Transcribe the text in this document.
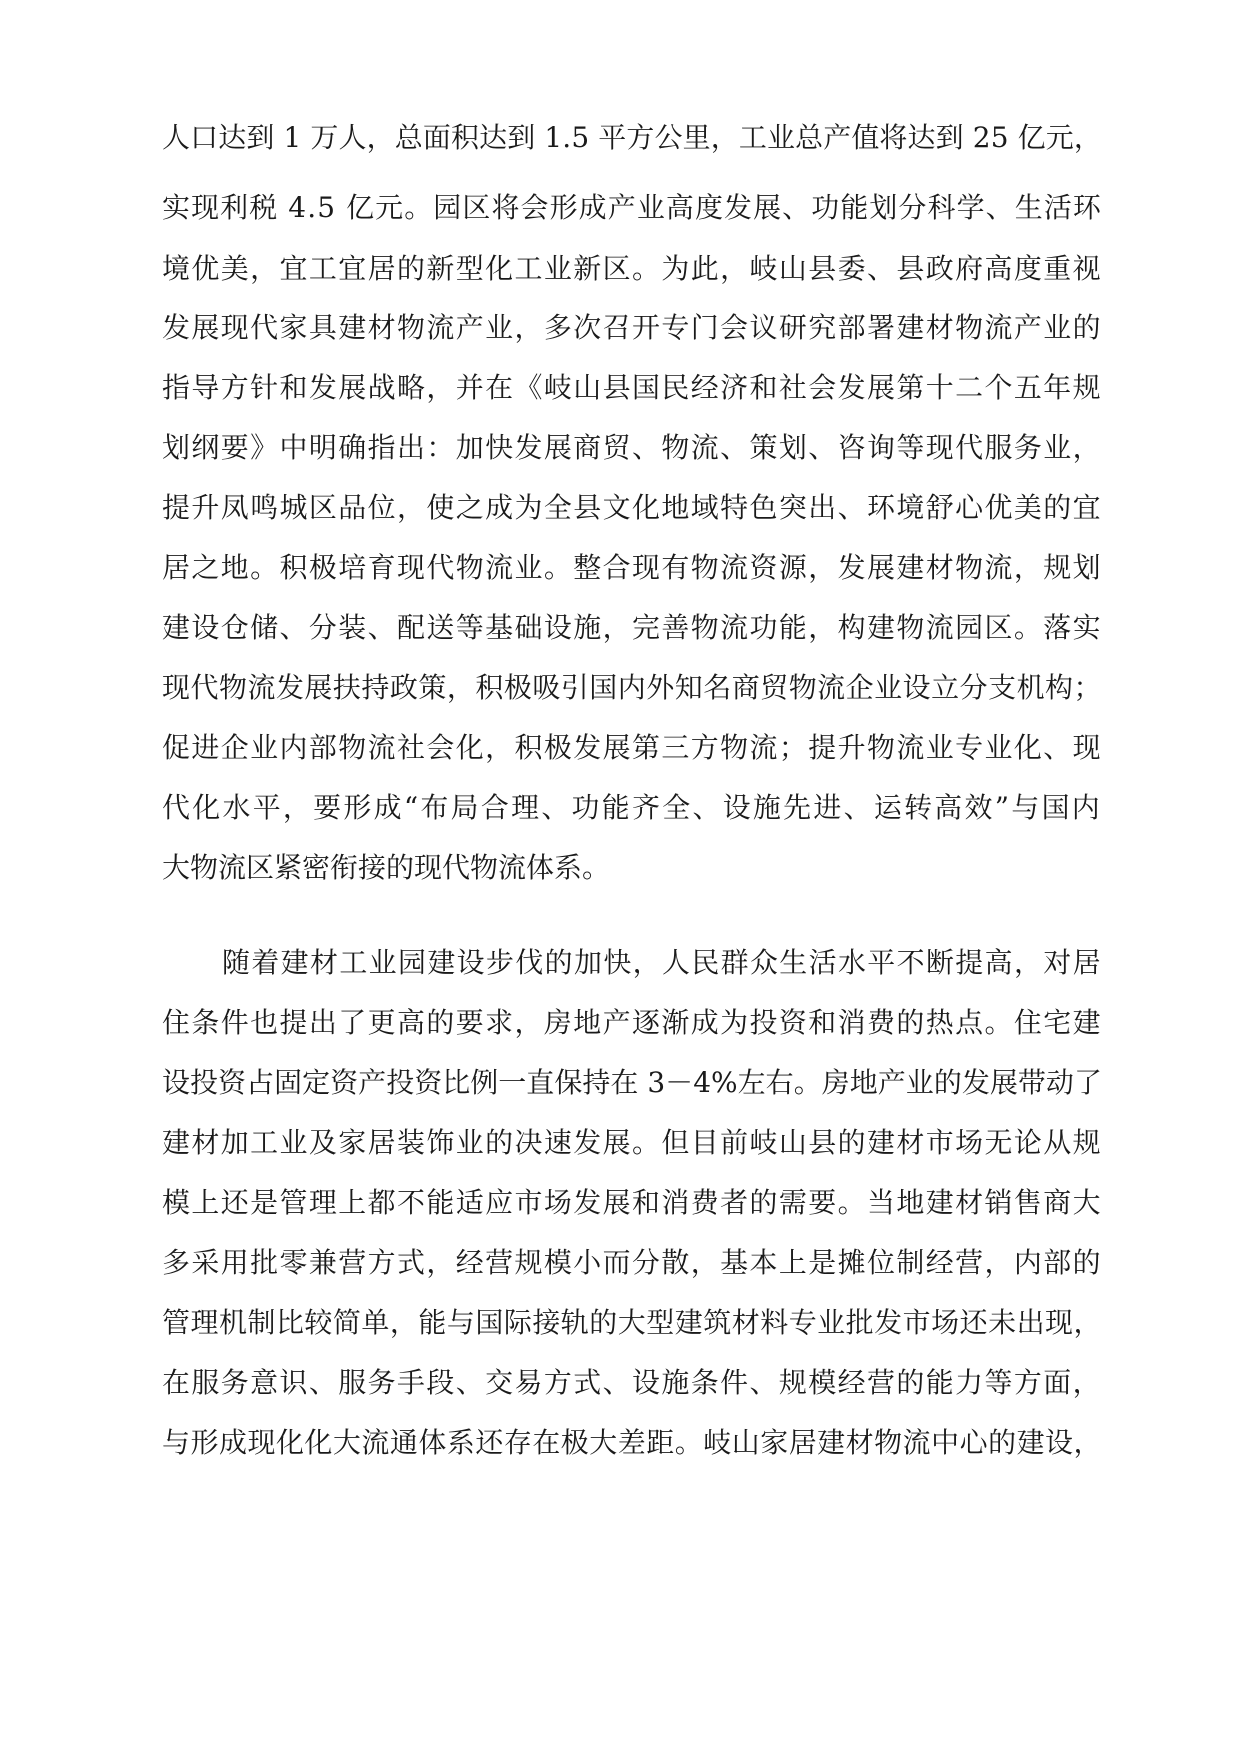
人口达到 1 万人，总面积达到 1.5 平方公里，工业总产值将达到 25 亿元，
实现利税 4.5 亿元。园区将会形成产业高度发展、功能划分科学、生活环
境优美，宜工宜居的新型化工业新区。为此，岐山县委、县政府高度重视
发展现代家具建材物流产业，多次召开专门会议研究部署建材物流产业的
指导方针和发展战略，并在《岐山县国民经济和社会发展第十二个五年规
划纲要》中明确指出：加快发展商贸、物流、策划、咨询等现代服务业，
提升凤鸣城区品位，使之成为全县文化地域特色突出、环境舒心优美的宜
居之地。积极培育现代物流业。整合现有物流资源，发展建材物流，规划
建设仓储、分装、配送等基础设施，完善物流功能，构建物流园区。落实
现代物流发展扶持政策，积极吸引国内外知名商贸物流企业设立分支机构；
促进企业内部物流社会化，积极发展第三方物流；提升物流业专业化、现
代化水平，要形成“布局合理、功能齐全、设施先进、运转高效”与国内
大物流区紧密衔接的现代物流体系。
随着建材工业园建设步伐的加快，人民群众生活水平不断提高，对居
住条件也提出了更高的要求，房地产逐渐成为投资和消费的热点。住宅建
设投资占固定资产投资比例一直保持在 3－4%左右。房地产业的发展带动了
建材加工业及家居装饰业的决速发展。但目前岐山县的建材市场无论从规
模上还是管理上都不能适应市场发展和消费者的需要。当地建材销售商大
多采用批零兼营方式，经营规模小而分散，基本上是摊位制经营，内部的
管理机制比较简单，能与国际接轨的大型建筑材料专业批发市场还未出现，
在服务意识、服务手段、交易方式、设施条件、规模经营的能力等方面，
与形成现化化大流通体系还存在极大差距。岐山家居建材物流中心的建设，
